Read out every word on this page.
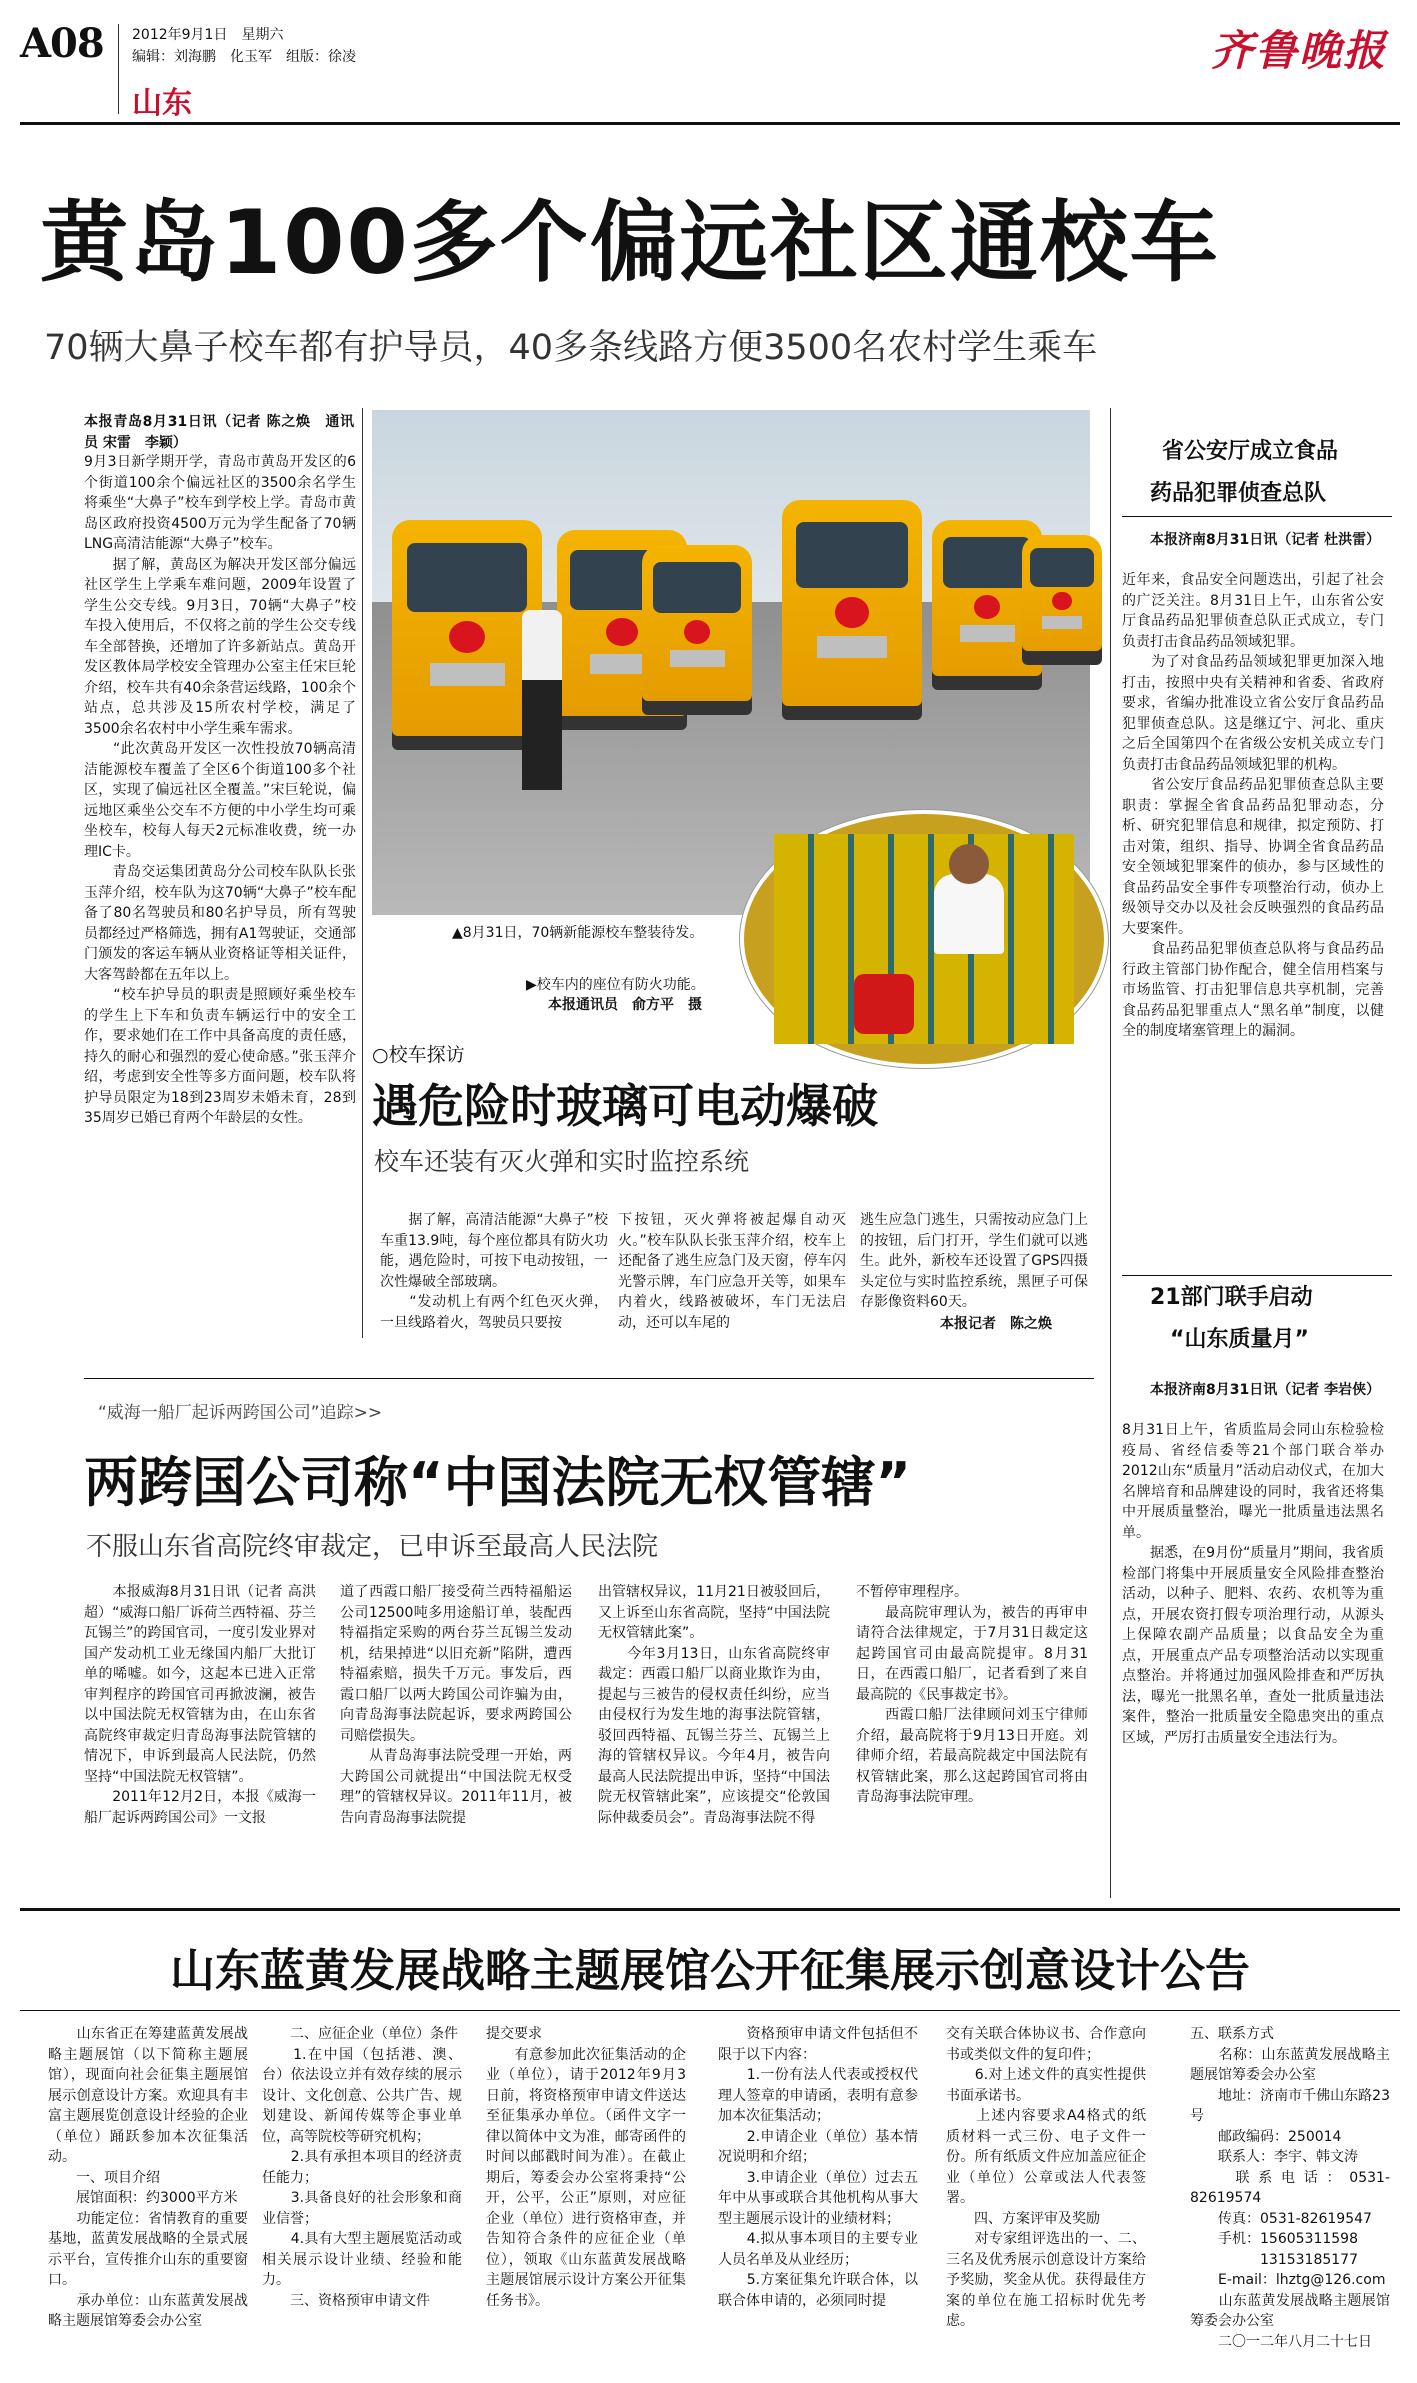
A08 2012年9月1日　星期六
编辑：刘海鹏　化玉军　组版：徐凌
山东
齐鲁晚报
黄岛100多个偏远社区通校车
70辆大鼻子校车都有护导员，40多条线路方便3500名农村学生乘车
本报青岛8月31日讯（记者 陈之焕　通讯员 宋雷　李颖）
9月3日新学期开学，青岛市黄岛开发区的6个街道100余个偏远社区的3500余名学生将乘坐“大鼻子”校车到学校上学。青岛市黄岛区政府投资4500万元为学生配备了70辆LNG高清洁能源“大鼻子”校车。
　　据了解，黄岛区为解决开发区部分偏远社区学生上学乘车难问题，2009年设置了学生公交专线。9月3日，70辆“大鼻子”校车投入使用后，不仅将之前的学生公交专线车全部替换，还增加了许多新站点。黄岛开发区教体局学校安全管理办公室主任宋巨轮介绍，校车共有40余条营运线路，100余个站点，总共涉及15所农村学校，满足了3500余名农村中小学生乘车需求。
　　“此次黄岛开发区一次性投放70辆高清洁能源校车覆盖了全区6个街道100多个社区，实现了偏远社区全覆盖。”宋巨轮说，偏远地区乘坐公交车不方便的中小学生均可乘坐校车，校每人每天2元标准收费，统一办理IC卡。
　　青岛交运集团黄岛分公司校车队队长张玉萍介绍，校车队为这70辆“大鼻子”校车配备了80名驾驶员和80名护导员，所有驾驶员都经过严格筛选，拥有A1驾驶证，交通部门颁发的客运车辆从业资格证等相关证件，大客驾龄都在五年以上。
　　“校车护导员的职责是照顾好乘坐校车的学生上下车和负责车辆运行中的安全工作，要求她们在工作中具备高度的责任感，持久的耐心和强烈的爱心使命感。”张玉萍介绍，考虑到安全性等多方面问题，校车队将护导员限定为18到23周岁未婚未育，28到35周岁已婚已育两个年龄层的女性。
▲8月31日，70辆新能源校车整装待发。
▶校车内的座位有防火功能。
本报通讯员　俞方平　摄
○校车探访
遇危险时玻璃可电动爆破
校车还装有灭火弹和实时监控系统
　　据了解，高清洁能源“大鼻子”校车重13.9吨，每个座位都具有防火功能，遇危险时，可按下电动按钮，一次性爆破全部玻璃。
　　“发动机上有两个红色灭火弹，一旦线路着火，驾驶员只要按
下按钮，灭火弹将被起爆自动灭火。”校车队队长张玉萍介绍，校车上还配备了逃生应急门及天窗，停车闪光警示牌，车门应急开关等，如果车内着火，线路被破坏，车门无法启动，还可以车尾的
逃生应急门逃生，只需按动应急门上的按钮，后门打开，学生们就可以逃生。此外，新校车还设置了GPS四摄头定位与实时监控系统，黑匣子可保存影像资料60天。
本报记者　陈之焕
省公安厅成立食品
药品犯罪侦查总队
本报济南8月31日讯（记者 杜洪雷）
近年来，食品安全问题迭出，引起了社会的广泛关注。8月31日上午，山东省公安厅食品药品犯罪侦查总队正式成立，专门负责打击食品药品领域犯罪。
　　为了对食品药品领域犯罪更加深入地打击，按照中央有关精神和省委、省政府要求，省编办批准设立省公安厅食品药品犯罪侦查总队。这是继辽宁、河北、重庆之后全国第四个在省级公安机关成立专门负责打击食品药品领域犯罪的机构。
　　省公安厅食品药品犯罪侦查总队主要职责：掌握全省食品药品犯罪动态，分析、研究犯罪信息和规律，拟定预防、打击对策，组织、指导、协调全省食品药品安全领域犯罪案件的侦办，参与区域性的食品药品安全事件专项整治行动，侦办上级领导交办以及社会反映强烈的食品药品大要案件。
　　食品药品犯罪侦查总队将与食品药品行政主管部门协作配合，健全信用档案与市场监管、打击犯罪信息共享机制，完善食品药品犯罪重点人“黑名单”制度，以健全的制度堵塞管理上的漏洞。
21部门联手启动
“山东质量月”
本报济南8月31日讯（记者 李岩侠）
8月31日上午，省质监局会同山东检验检疫局、省经信委等21个部门联合举办2012山东“质量月”活动启动仪式，在加大名牌培育和品牌建设的同时，我省还将集中开展质量整治，曝光一批质量违法黑名单。
　　据悉，在9月份“质量月”期间，我省质检部门将集中开展质量安全风险排查整治活动，以种子、肥料、农药、农机等为重点，开展农资打假专项治理行动，从源头上保障农副产品质量；以食品安全为重点，开展重点产品专项整治活动以实现重点整治。并将通过加强风险排查和严厉执法，曝光一批黑名单，查处一批质量违法案件，整治一批质量安全隐患突出的重点区域，严厉打击质量安全违法行为。
“威海一船厂起诉两跨国公司”追踪>>
两跨国公司称“中国法院无权管辖”
不服山东省高院终审裁定，已申诉至最高人民法院
　　本报威海8月31日讯（记者 高洪超）“威海口船厂诉荷兰西特福、芬兰瓦锡兰”的跨国官司，一度引发业界对国产发动机工业无缘国内船厂大批订单的唏嘘。如今，这起本已进入正常审判程序的跨国官司再掀波澜，被告以中国法院无权管辖为由，在山东省高院终审裁定归青岛海事法院管辖的情况下，申诉到最高人民法院，仍然坚持“中国法院无权管辖”。
　　2011年12月2日，本报《威海一船厂起诉两跨国公司》一文报
道了西霞口船厂接受荷兰西特福船运公司12500吨多用途船订单，装配西特福指定采购的两台芬兰瓦锡兰发动机，结果掉进“以旧充新”陷阱，遭西特福索赔，损失千万元。事发后，西霞口船厂以两大跨国公司诈骗为由，向青岛海事法院起诉，要求两跨国公司赔偿损失。
　　从青岛海事法院受理一开始，两大跨国公司就提出“中国法院无权受理”的管辖权异议。2011年11月，被告向青岛海事法院提
出管辖权异议，11月21日被驳回后，又上诉至山东省高院，坚持“中国法院无权管辖此案”。
　　今年3月13日，山东省高院终审裁定：西霞口船厂以商业欺诈为由，提起与三被告的侵权责任纠纷，应当由侵权行为发生地的海事法院管辖，驳回西特福、瓦锡兰芬兰、瓦锡兰上海的管辖权异议。今年4月，被告向最高人民法院提出申诉，坚持“中国法院无权管辖此案”，应该提交“伦敦国际仲裁委员会”。青岛海事法院不得
不暂停审理程序。
　　最高院审理认为，被告的再审申请符合法律规定，于7月31日裁定这起跨国官司由最高院提审。8月31日，在西霞口船厂，记者看到了来自最高院的《民事裁定书》。
　　西霞口船厂法律顾问刘玉宁律师介绍，最高院将于9月13日开庭。刘律师介绍，若最高院裁定中国法院有权管辖此案，那么这起跨国官司将由青岛海事法院审理。
山东蓝黄发展战略主题展馆公开征集展示创意设计公告
　　山东省正在筹建蓝黄发展战略主题展馆（以下简称主题展馆），现面向社会征集主题展馆展示创意设计方案。欢迎具有丰富主题展览创意设计经验的企业（单位）踊跃参加本次征集活动。
　　一、项目介绍
　　展馆面积：约3000平方米
　　功能定位：省情教育的重要基地，蓝黄发展战略的全景式展示平台，宣传推介山东的重要窗口。
　　承办单位：山东蓝黄发展战略主题展馆筹委会办公室
　　二、应征企业（单位）条件
　　1.在中国（包括港、澳、台）依法设立并有效存续的展示设计、文化创意、公共广告、规划建设、新闻传媒等企事业单位，高等院校等研究机构；
　　2.具有承担本项目的经济责任能力；
　　3.具备良好的社会形象和商业信誉；
　　4.具有大型主题展览活动或相关展示设计业绩、经验和能力。
　　三、资格预审申请文件
提交要求
　　有意参加此次征集活动的企业（单位），请于2012年9月3日前，将资格预审申请文件送达至征集承办单位。（函件文字一律以简体中文为准，邮寄函件的时间以邮戳时间为准）。在截止期后，筹委会办公室将秉持“公开，公平，公正”原则，对应征企业（单位）进行资格审查，并告知符合条件的应征企业（单位），领取《山东蓝黄发展战略主题展馆展示设计方案公开征集任务书》。
　　资格预审申请文件包括但不限于以下内容：
　　1.一份有法人代表或授权代理人签章的申请函，表明有意参加本次征集活动；
　　2.申请企业（单位）基本情况说明和介绍；
　　3.申请企业（单位）过去五年中从事或联合其他机构从事大型主题展示设计的业绩材料；
　　4.拟从事本项目的主要专业人员名单及从业经历；
　　5.方案征集允许联合体，以联合体申请的，必须同时提
交有关联合体协议书、合作意向书或类似文件的复印件；
　　6.对上述文件的真实性提供书面承诺书。
　　上述内容要求A4格式的纸质材料一式三份、电子文件一份。所有纸质文件应加盖应征企业（单位）公章或法人代表签署。
　　四、方案评审及奖励
　　对专家组评选出的一、二、三名及优秀展示创意设计方案给予奖励，奖金从优。获得最佳方案的单位在施工招标时优先考虑。
五、联系方式
　　名称：山东蓝黄发展战略主题展馆筹委会办公室
　　地址：济南市千佛山东路23号
　　邮政编码：250014
　　联系人：李宇、韩文涛
　　联系电话：0531-82619574
　　传真：0531-82619547
　　手机：15605311598
　　　　　13153185177
　　E-mail：lhztg@126.com
　　山东蓝黄发展战略主题展馆筹委会办公室
　　二〇一二年八月二十七日
